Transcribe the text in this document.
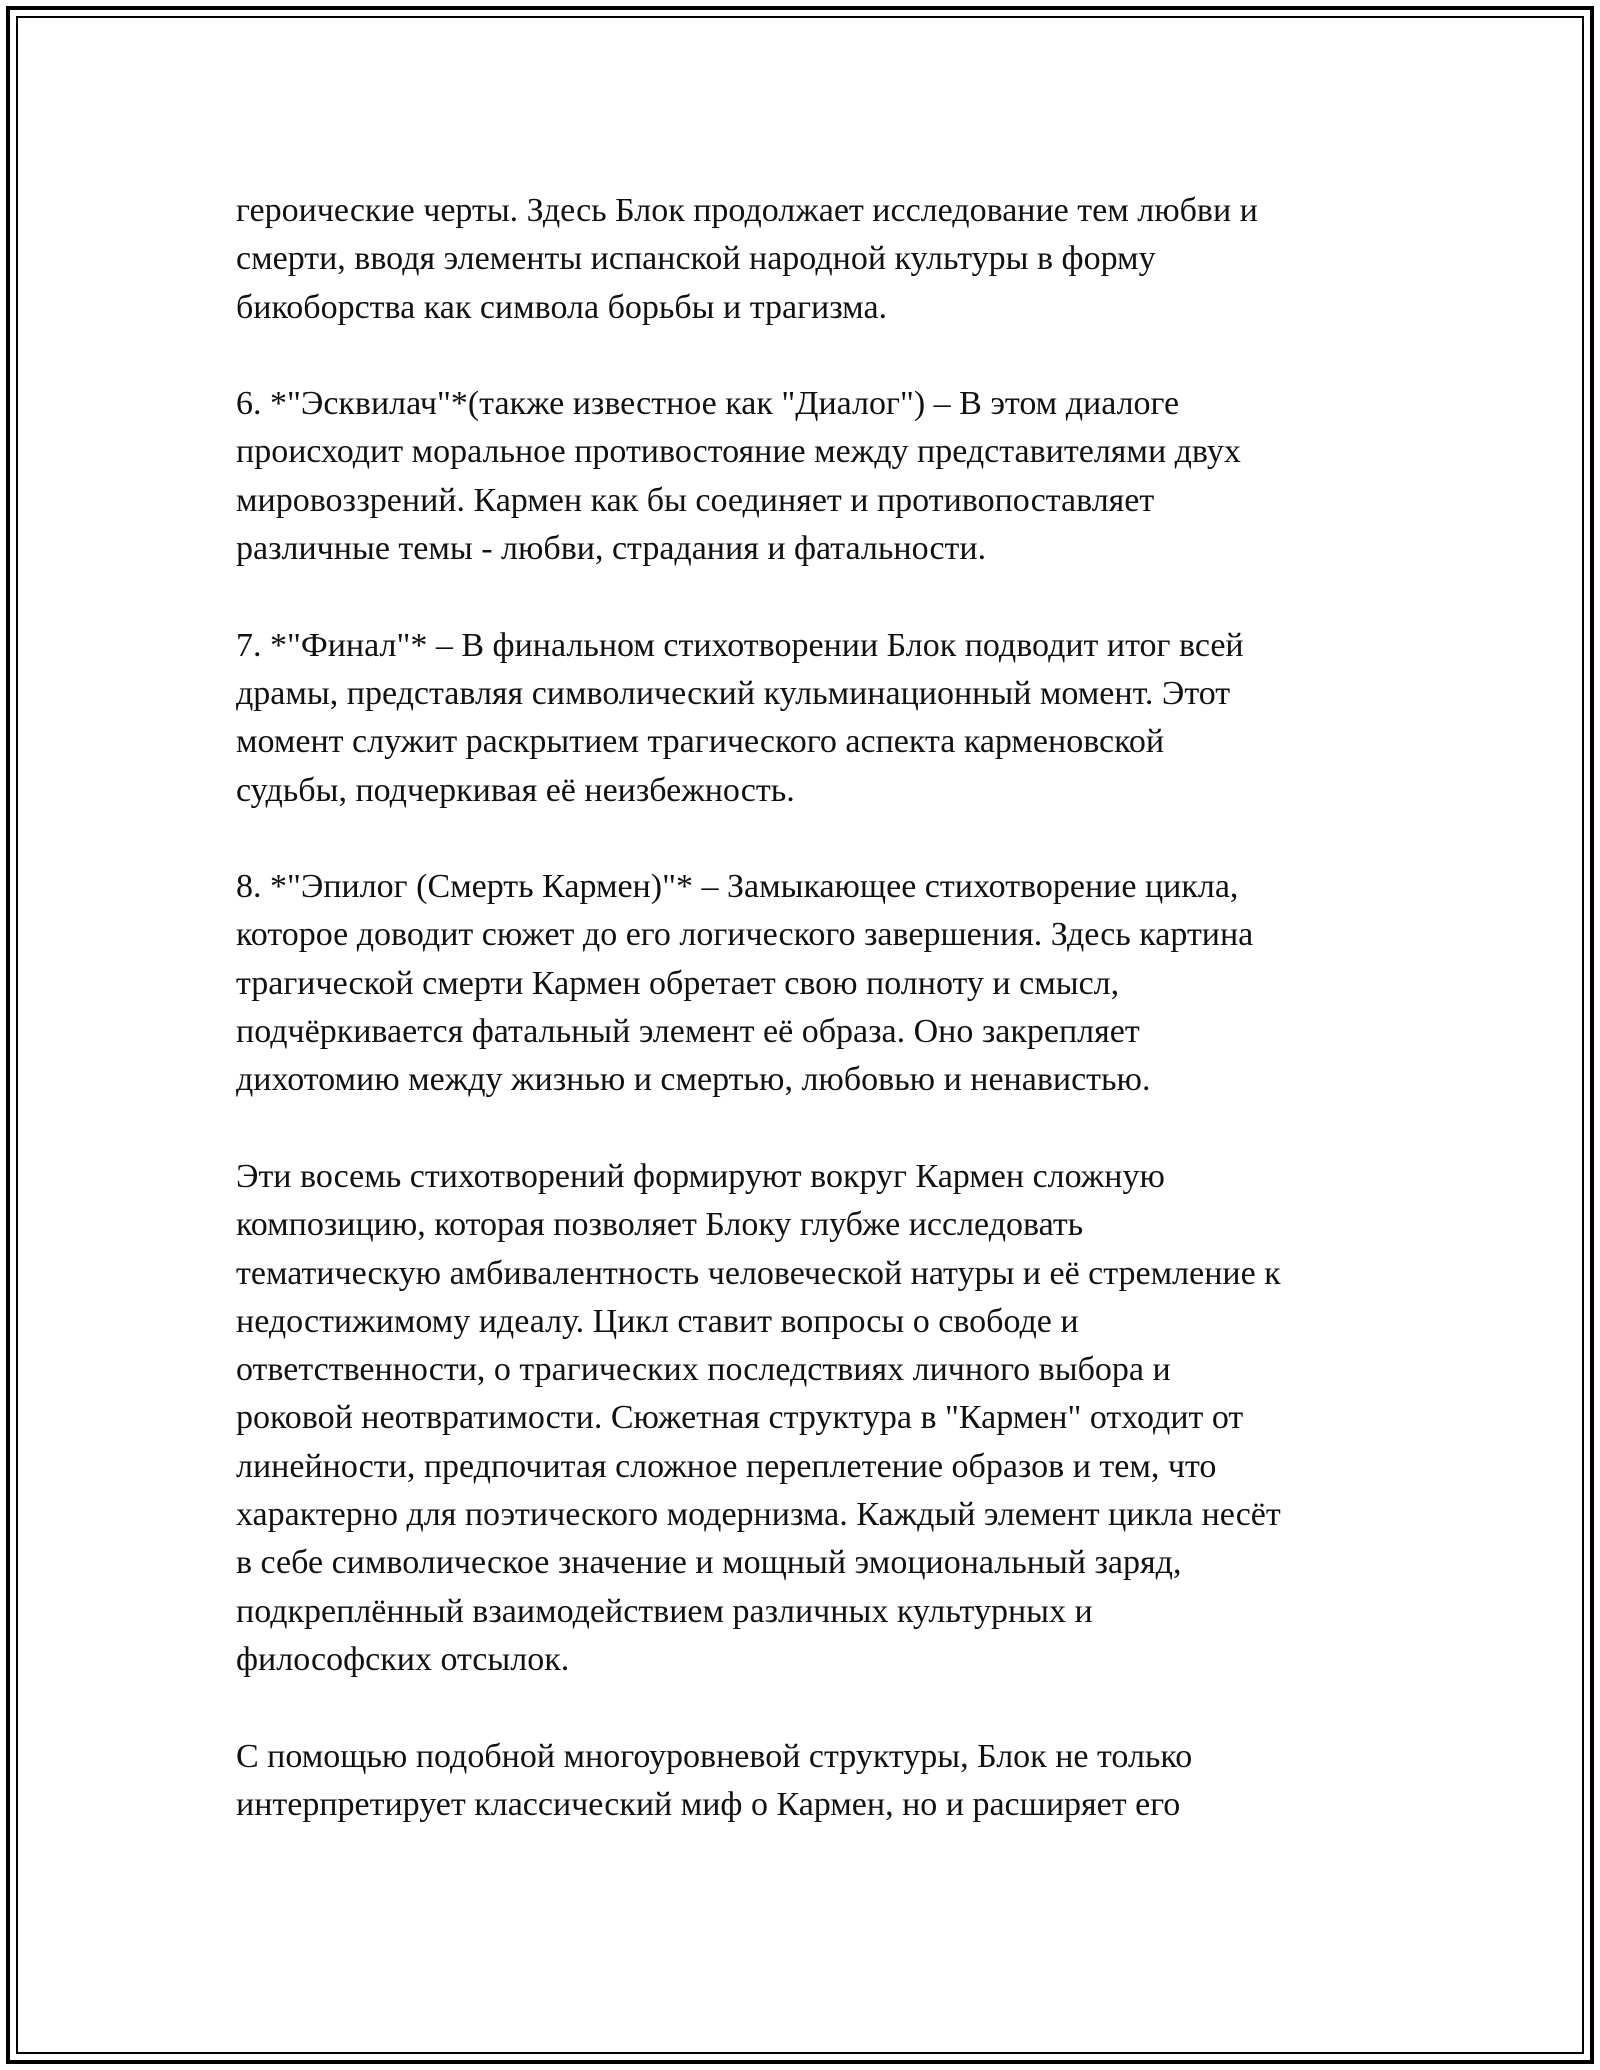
героические черты. Здесь Блок продолжает исследование тем любви и
смерти, вводя элементы испанской народной культуры в форму
бикоборства как символа борьбы и трагизма.

6. *"Эсквилач"*(также известное как "Диалог") – В этом диалоге
происходит моральное противостояние между представителями двух
мировоззрений. Кармен как бы соединяет и противопоставляет
различные темы - любви, страдания и фатальности.

7. *"Финал"* – В финальном стихотворении Блок подводит итог всей
драмы, представляя символический кульминационный момент. Этот
момент служит раскрытием трагического аспекта карменовской
судьбы, подчеркивая её неизбежность.

8. *"Эпилог (Смерть Кармен)"* – Замыкающее стихотворение цикла,
которое доводит сюжет до его логического завершения. Здесь картина
трагической смерти Кармен обретает свою полноту и смысл,
подчёркивается фатальный элемент её образа. Оно закрепляет
дихотомию между жизнью и смертью, любовью и ненавистью.

Эти восемь стихотворений формируют вокруг Кармен сложную
композицию, которая позволяет Блоку глубже исследовать
тематическую амбивалентность человеческой натуры и её стремление к
недостижимому идеалу. Цикл ставит вопросы о свободе и
ответственности, о трагических последствиях личного выбора и
роковой неотвратимости. Сюжетная структура в "Кармен" отходит от
линейности, предпочитая сложное переплетение образов и тем, что
характерно для поэтического модернизма. Каждый элемент цикла несёт
в себе символическое значение и мощный эмоциональный заряд,
подкреплённый взаимодействием различных культурных и
философских отсылок.

С помощью подобной многоуровневой структуры, Блок не только
интерпретирует классический миф о Кармен, но и расширяет его
